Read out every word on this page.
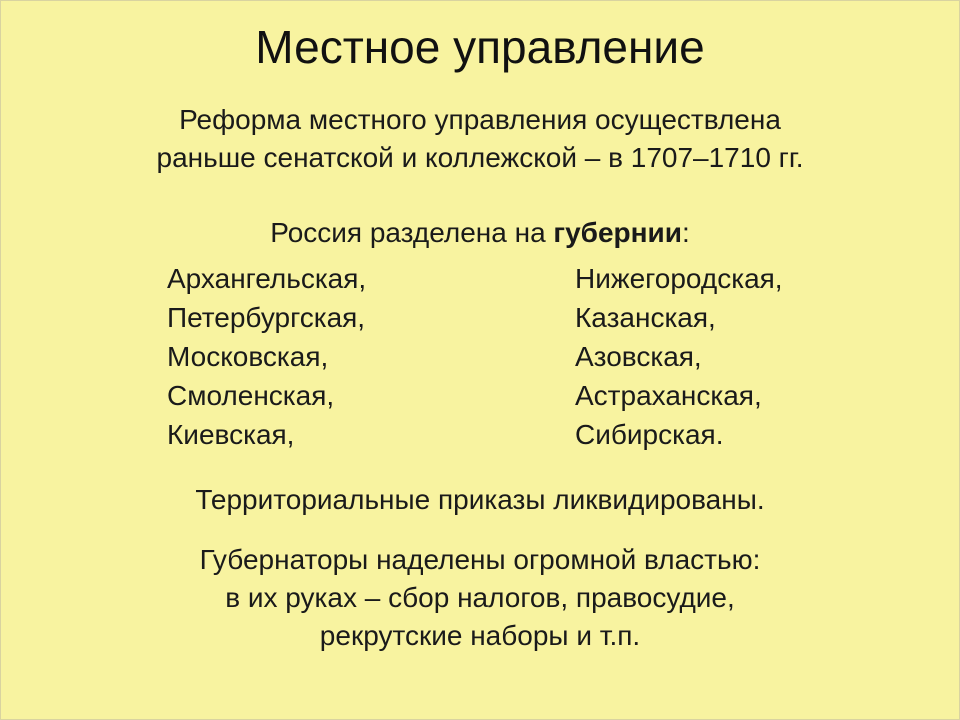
Местное управление
Реформа местного управления осуществлена
раньше сенатской и коллежской – в 1707–1710 гг.
Россия разделена на губернии:
Архангельская,
Петербургская,
Московская,
Смоленская,
Киевская,
Нижегородская,
Казанская,
Азовская,
Астраханская,
Сибирская.
Территориальные приказы ликвидированы.
Губернаторы наделены огромной властью:
в их руках – сбор налогов, правосудие,
рекрутские наборы и т.п.
